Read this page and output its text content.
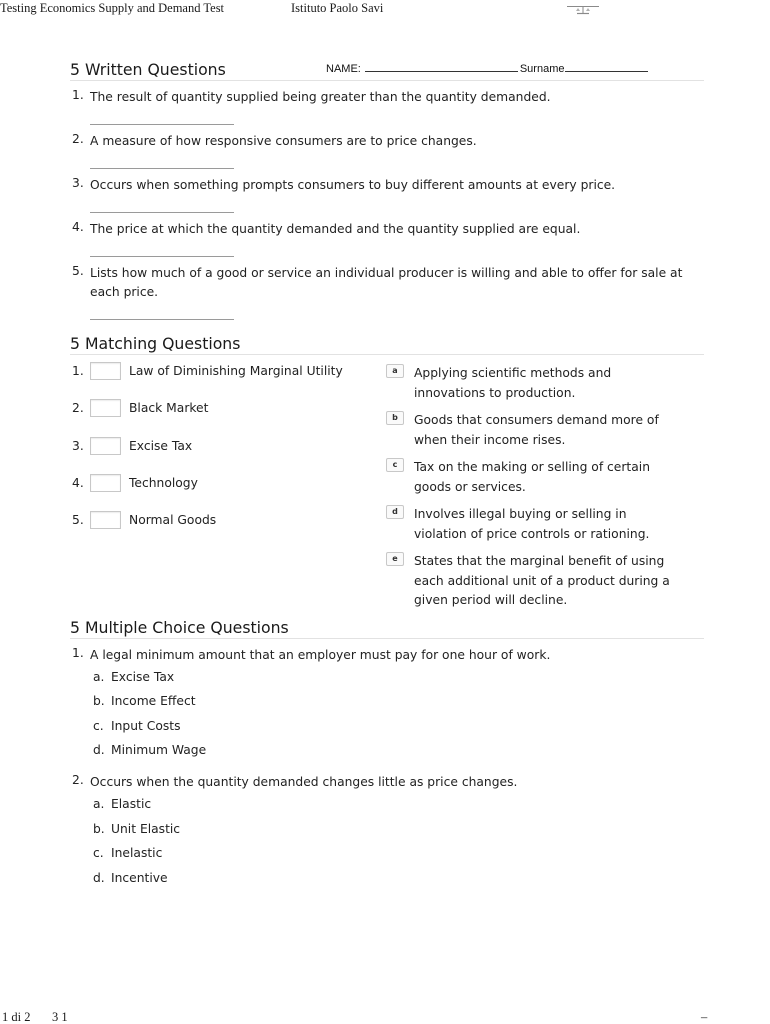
Testing Economics Supply and Demand Test	Istituto Paolo Savi
NAME:	Surname
5 Written Questions
1. The result of quantity supplied being greater than the quantity demanded.
2. A measure of how responsive consumers are to price changes.
3. Occurs when something prompts consumers to buy different amounts at every price.
4. The price at which the quantity demanded and the quantity supplied are equal.
5. Lists how much of a good or service an individual producer is willing and able to offer for sale at each price.
5 Matching Questions
1.	Law of Diminishing Marginal Utility
2.	Black Market
3.	Excise Tax
4.	Technology
5.	Normal Goods
a	Applying scientific methods and innovations to production.
b	Goods that consumers demand more of when their income rises.
c	Tax on the making or selling of certain goods or services.
d	Involves illegal buying or selling in violation of price controls or rationing.
e	States that the marginal benefit of using each additional unit of a product during a given period will decline.
5 Multiple Choice Questions
1. A legal minimum amount that an employer must pay for one hour of work.
a. Excise Tax
b. Income Effect
c. Input Costs
d. Minimum Wage
2. Occurs when the quantity demanded changes little as price changes.
a. Elastic
b. Unit Elastic
c. Inelastic
d. Incentive
1 di 2 3 1	–
